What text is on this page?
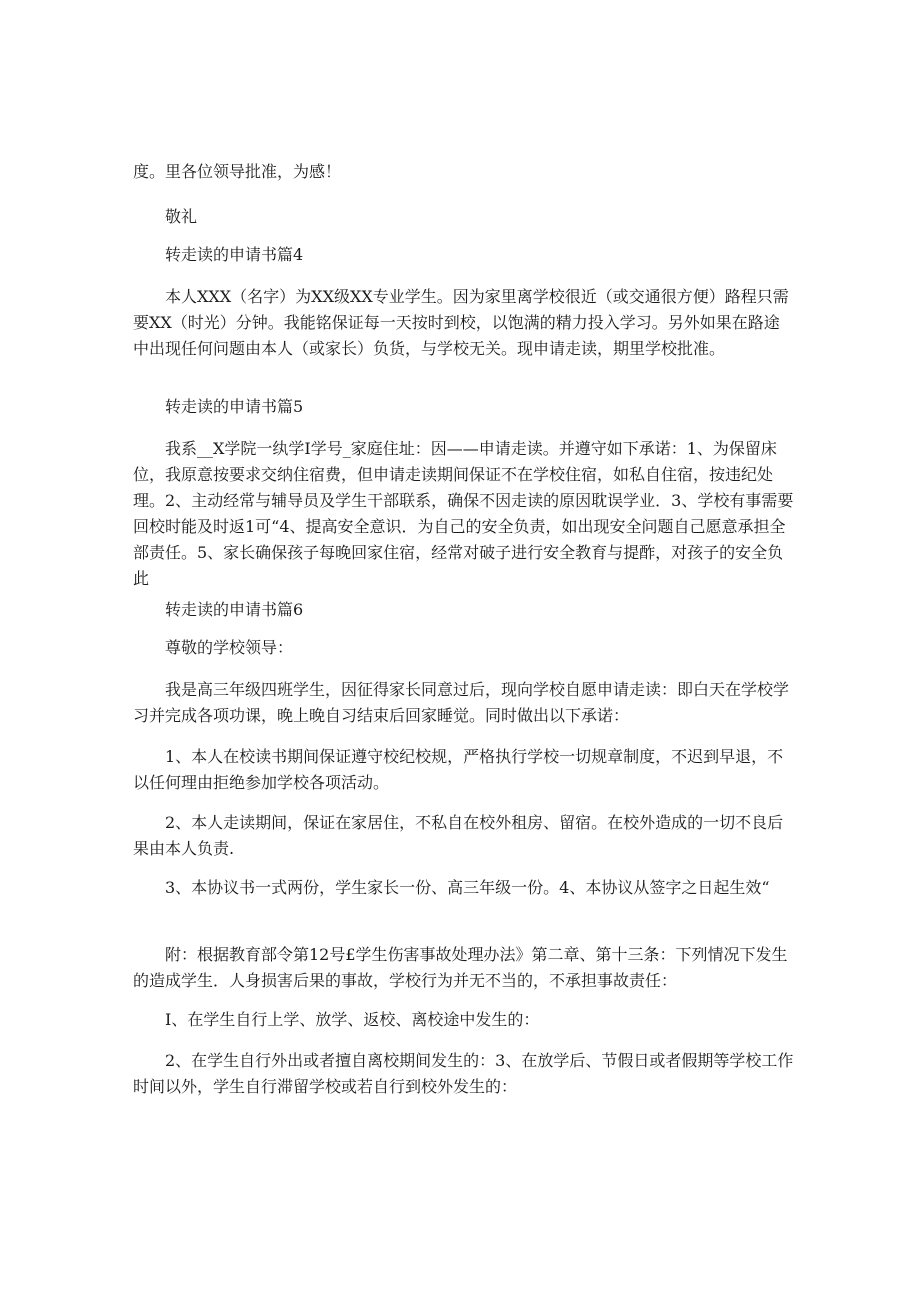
度。里各位领导批准，为感！

敬礼

转走读的申请书篇4

本人XXX（名字）为XX级XX专业学生。因为家里离学校很近（或交通很方便）路程只需要XX（时光）分钟。我能铭保证每一天按时到校，以饱满的精力投入学习。另外如果在路途中出现任何问题由本人（或家长）负货，与学校无关。现申请走读，期里学校批准。

转走读的申请书篇5

我系__X学院一纨学I学号_家庭住址：因——申请走读。并遵守如下承诺：1、为保留床位，我原意按要求交纳住宿费，但申请走读期间保证不在学校住宿，如私自住宿，按违纪处理。2、主动经常与辅导员及学生干部联系，确保不因走读的原因耽误学业．3、学校有事需要回校时能及时返1可“4、提高安全意识．为自己的安全负责，如出现安全问题自己愿意承担全部责任。5、家长确保孩子每晚回家住宿，经常对破子进行安全教育与提酢，对孩子的安全负此

转走读的申请书篇6

尊敬的学校领导：

我是高三年级四班学生，因征得家长同意过后，现向学校自愿申请走读：即白天在学校学习并完成各项功课，晚上晚自习结束后回家睡觉。同时做出以下承诺：

1、本人在校读书期间保证遵守校纪校规，严格执行学校一切规章制度，不迟到早退，不以任何理由拒绝参加学校各项活动。

2、本人走读期间，保证在家居住，不私自在校外租房、留宿。在校外造成的一切不良后果由本人负责.

3、本协议书一式两份，学生家长一份、高三年级一份。4、本协议从签字之日起生效“

附：根据教育部令第12号£学生伤害事故处理办法》第二章、第十三条：下列情况下发生的造成学生．人身损害后果的事故，学校行为并无不当的，不承担事故责任：

I、在学生自行上学、放学、返校、离校途中发生的：

2、在学生自行外出或者擅自离校期间发生的：3、在放学后、节假日或者假期等学校工作时间以外，学生自行滞留学校或若自行到校外发生的：
